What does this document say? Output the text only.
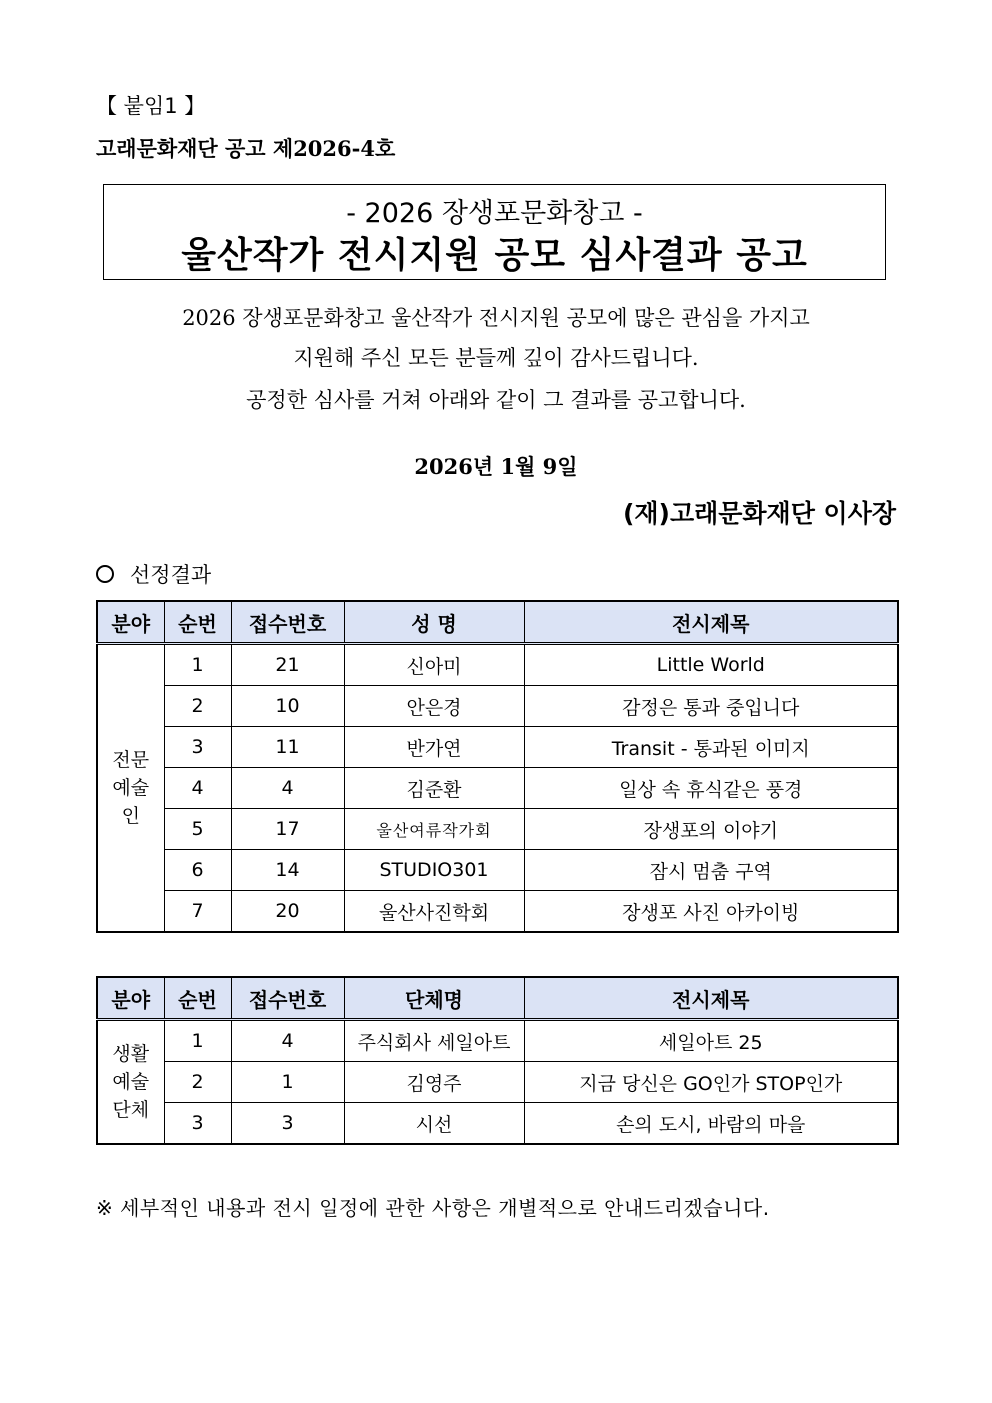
【 붙임1 】
고래문화재단 공고 제2026-4호
- 2026 장생포문화창고 -
울산작가 전시지원 공모 심사결과 공고
2026 장생포문화창고 울산작가 전시지원 공모에 많은 관심을 가지고
지원해 주신 모든 분들께 깊이 감사드립니다.
공정한 심사를 거쳐 아래와 같이 그 결과를 공고합니다.
2026년 1월 9일
(재)고래문화재단 이사장
선정결과
분야	순번	접수번호	성 명	전시제목
전문
예술
인	1	21	신아미	Little World
	2	10	안은경	감정은 통과 중입니다
	3	11	반가연	Transit - 통과된 이미지
	4	4	김준환	일상 속 휴식같은 풍경
	5	17	울산여류작가회	장생포의 이야기
	6	14	STUDIO301	잠시 멈춤 구역
	7	20	울산사진학회	장생포 사진 아카이빙
분야	순번	접수번호	단체명	전시제목
생활
예술
단체	1	4	주식회사 세일아트	세일아트 25
	2	1	김영주	지금 당신은 GO인가 STOP인가
	3	3	시선	손의 도시, 바람의 마을
※ 세부적인 내용과 전시 일정에 관한 사항은 개별적으로 안내드리겠습니다.
